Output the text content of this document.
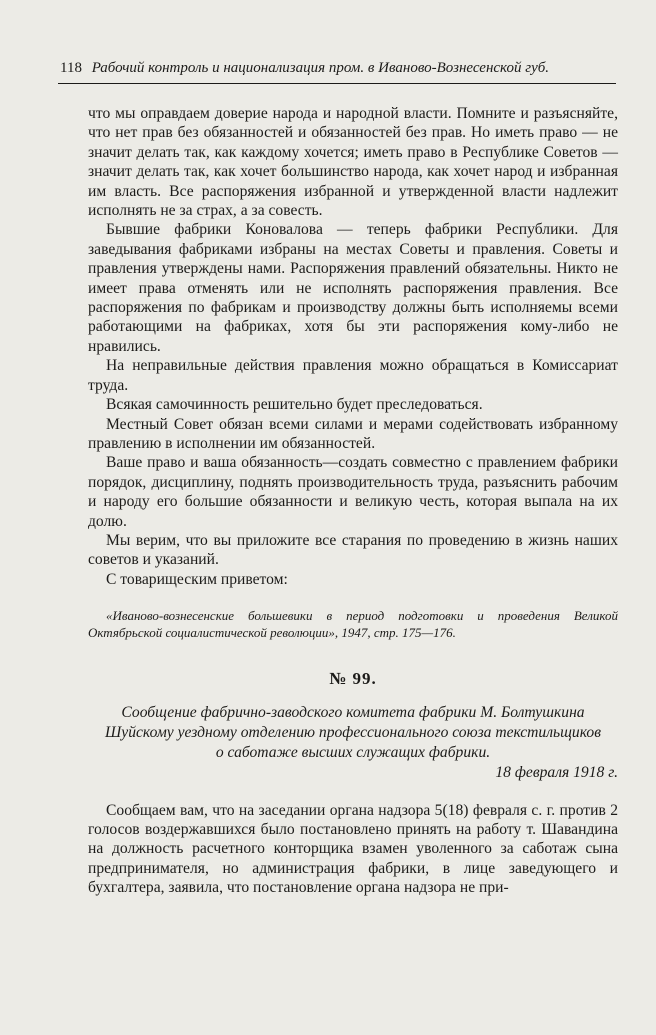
118 Рабочий контроль и национализация пром. в Иваново-Вознесенской губ.

что мы оправдаем доверие народа и народной власти. Помните и разъясняйте, что нет прав без обязанностей и обязанностей без прав. Но иметь право — не значит делать так, как каждому хочется; иметь право в Республике Советов — значит делать так, как хочет большинство народа, как хочет народ и избранная им власть. Все распоряжения избранной и утвержденной власти надлежит исполнять не за страх, а за совесть.

Бывшие фабрики Коновалова — теперь фабрики Республики. Для заведывания фабриками избраны на местах Советы и правления. Советы и правления утверждены нами. Распоряжения правлений обязательны. Никто не имеет права отменять или не исполнять распоряжения правления. Все распоряжения по фабрикам и производству должны быть исполняемы всеми работающими на фабриках, хотя бы эти распоряжения кому-либо не нравились.

На неправильные действия правления можно обращаться в Комиссариат труда.

Всякая самочинность решительно будет преследоваться.

Местный Совет обязан всеми силами и мерами содействовать избранному правлению в исполнении им обязанностей.

Ваше право и ваша обязанность—создать совместно с правлением фабрики порядок, дисциплину, поднять производительность труда, разъяснить рабочим и народу его большие обязанности и великую честь, которая выпала на их долю.

Мы верим, что вы приложите все старания по проведению в жизнь наших советов и указаний.

С товарищеским приветом:

«Иваново-вознесенские большевики в период подготовки и проведения Великой Октябрьской социалистической революции», 1947, стр. 175—176.

№ 99.

Сообщение фабрично-заводского комитета фабрики М. Болтушкина Шуйскому уездному отделению профессионального союза текстильщиков о саботаже высших служащих фабрики.

18 февраля 1918 г.

Сообщаем вам, что на заседании органа надзора 5(18) февраля с. г. против 2 голосов воздержавшихся было постановлено принять на работу т. Шавандина на должность расчетного конторщика взамен уволенного за саботаж сына предпринимателя, но администрация фабрики, в лице заведующего и бухгалтера, заявила, что постановление органа надзора не при-
